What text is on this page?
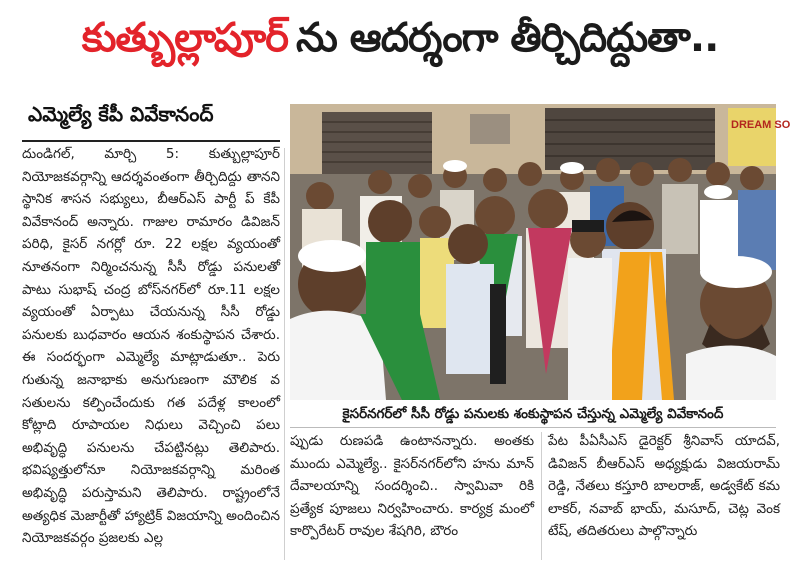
కుత్బుల్లాపూర్ ను ఆదర్శంగా తీర్చిదిద్దుతా..
ఎమ్మెల్యే కేపీ వివేకానంద్
దుండిగల్, మార్చి 5: కుత్బుల్లాపూర్ నియోజకవర్గాన్ని ఆదర్శవంతంగా తీర్చిదిద్దు తానని స్థానిక శాసన సభ్యులు, బీఆర్ఎస్ పార్టీ ప్ కేపీ వివేకానంద్ అన్నారు. గాజుల రామారం డివిజన్ పరిధి, కైసర్ నగర్లో రూ. 22 లక్షల వ్యయంతో నూతనంగా నిర్మించనున్న సీసీ రోడ్డు పనులతో పాటు సుభాష్ చంద్ర బోస్‌నగర్‌లో రూ.11 లక్షల వ్యయంతో ఏర్పాటు చేయనున్న సీసీ రోడ్డు పనులకు బుధవారం ఆయన శంకుస్థాపన చేశారు. ఈ సందర్భంగా ఎమ్మెల్యే మాట్లాడుతూ.. పెరు గుతున్న జనాభాకు అనుగుణంగా మౌలిక వ సతులను కల్పించేందుకు గత పదేళ్ల కాలంలో కోట్లాది రూపాయల నిధులు వెచ్చించి పలు అభివృద్ధి పనులను చేపట్టినట్లు తెలిపారు. భవిష్యత్తులోనూ నియోజకవర్గాన్ని మరింత అభివృద్ధి పరుస్తామని తెలిపారు. రాష్ట్రంలోనే అత్యధిక మెజార్టీతో హ్యాట్రిక్ విజయాన్ని అందించిన నియోజకవర్గం ప్రజలకు ఎల్ల
DREAM SO
కైసర్‌నగర్‌లో సీసీ రోడ్డు పనులకు శంకుస్థాపన చేస్తున్న ఎమ్మెల్యే వివేకానంద్
ప్పుడు రుణపడి ఉంటానన్నారు. అంతకు ముందు ఎమ్మెల్యే.. కైసర్‌నగర్‌లోని హను మాన్ దేవాలయాన్ని సందర్శించి.. స్వామివా రికి ప్రత్యేక పూజలు నిర్వహించారు. కార్యక్ర మంలో కార్పొరేటర్ రావుల శేషగిరి, బౌరం
పేట పీఏసీఎస్ డైరెక్టర్ శ్రీనివాస్ యాదవ్, డివిజన్ బీఆర్ఎస్ అధ్యక్షుడు విజయరామ్ రెడ్డి, నేతలు కస్తూరి బాలరాజ్, అడ్వకేట్ కమ లాకర్, నవాబ్ భాయ్, మసూద్, చెట్ల వెంక టేష్, తదితరులు పాల్గొన్నారు
